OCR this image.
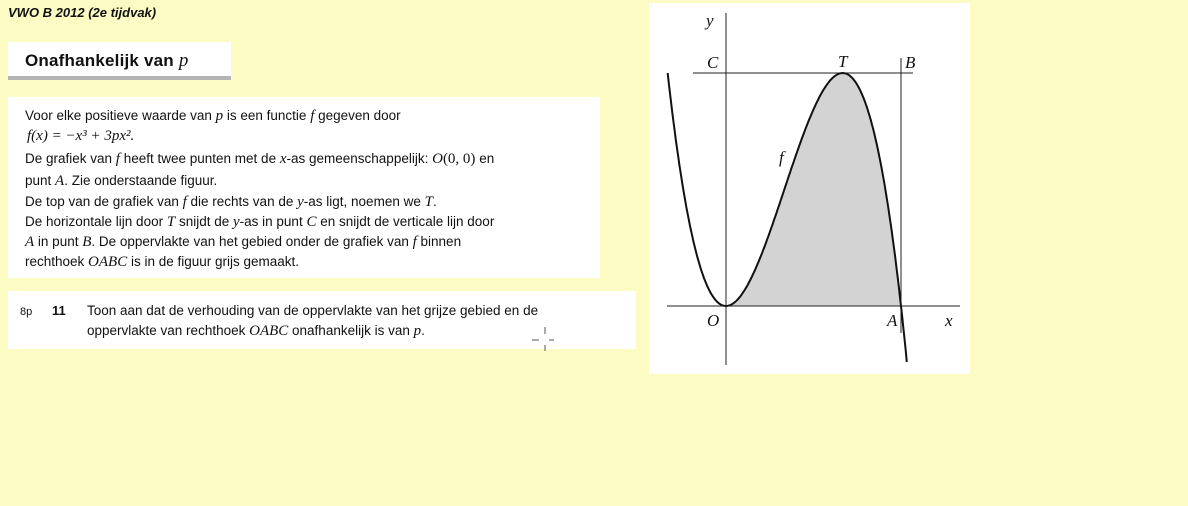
VWO B 2012 (2e tijdvak)
Onafhankelijk van p
Voor elke positieve waarde van p is een functie f gegeven door
f(x) = −x³ + 3px².
De grafiek van f heeft twee punten met de x-as gemeenschappelijk: O(0, 0) en
punt A. Zie onderstaande figuur.
De top van de grafiek van f die rechts van de y-as ligt, noemen we T.
De horizontale lijn door T snijdt de y-as in punt C en snijdt de verticale lijn door
A in punt B. De oppervlakte van het gebied onder de grafiek van f binnen
rechthoek OABC is in de figuur grijs gemaakt.
8p 11 Toon aan dat de verhouding van de oppervlakte van het grijze gebied en de
oppervlakte van rechthoek OABC onafhankelijk is van p.
y
x
C	T	B
f
O	A
